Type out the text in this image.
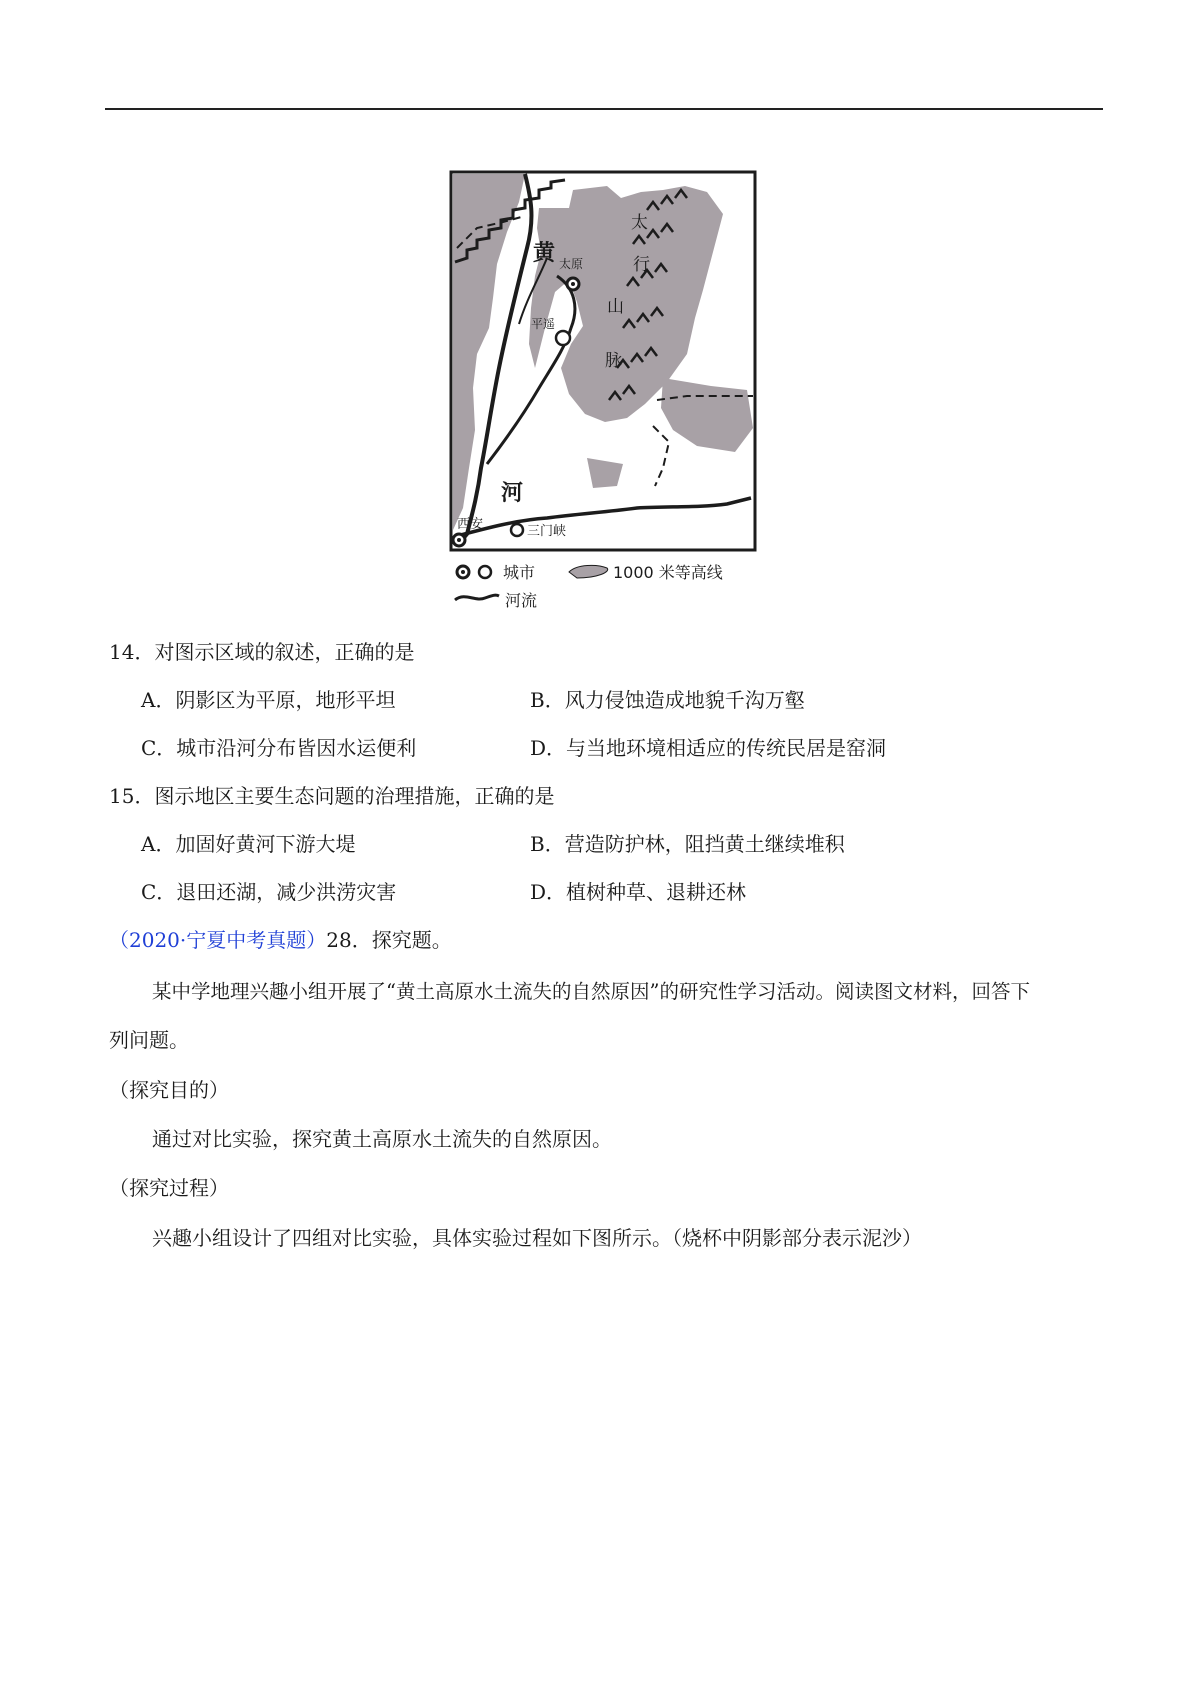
黄
河
太
行
山
脉
太原
平遥
西安	三门峡
城市	1000 米等高线
河流
14．对图示区域的叙述，正确的是
A．阴影区为平原，地形平坦	B．风力侵蚀造成地貌千沟万壑
C．城市沿河分布皆因水运便利	D．与当地环境相适应的传统民居是窑洞
15．图示地区主要生态问题的治理措施，正确的是
A．加固好黄河下游大堤	B．营造防护林，阻挡黄土继续堆积
C．退田还湖，减少洪涝灾害	D．植树种草、退耕还林
（2020·宁夏中考真题）28．探究题。
某中学地理兴趣小组开展了“黄土高原水土流失的自然原因”的研究性学习活动。阅读图文材料，回答下
列问题。
（探究目的）
通过对比实验，探究黄土高原水土流失的自然原因。
（探究过程）
兴趣小组设计了四组对比实验，具体实验过程如下图所示。（烧杯中阴影部分表示泥沙）
